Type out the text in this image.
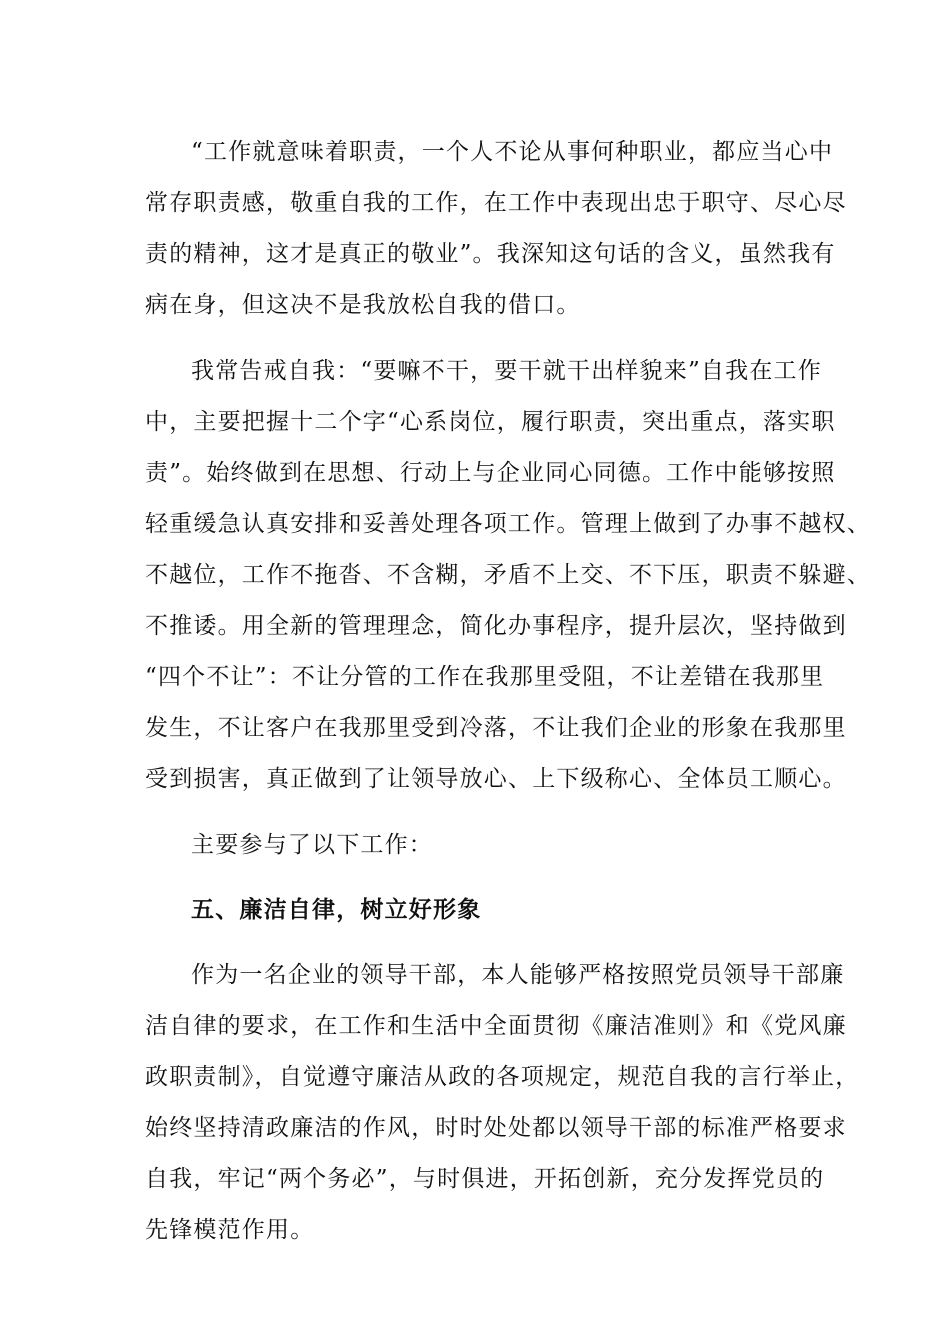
“工作就意味着职责，一个人不论从事何种职业，都应当心中
常存职责感，敬重自我的工作，在工作中表现出忠于职守、尽心尽
责的精神，这才是真正的敬业”。我深知这句话的含义，虽然我有
病在身，但这决不是我放松自我的借口。
我常告戒自我：“要嘛不干，要干就干出样貌来”自我在工作
中，主要把握十二个字“心系岗位，履行职责，突出重点，落实职
责”。始终做到在思想、行动上与企业同心同德。工作中能够按照
轻重缓急认真安排和妥善处理各项工作。管理上做到了办事不越权、
不越位，工作不拖沓、不含糊，矛盾不上交、不下压，职责不躲避、
不推诿。用全新的管理理念，简化办事程序，提升层次，坚持做到
“四个不让”：不让分管的工作在我那里受阻，不让差错在我那里
发生，不让客户在我那里受到冷落，不让我们企业的形象在我那里
受到损害，真正做到了让领导放心、上下级称心、全体员工顺心。
主要参与了以下工作：
五、廉洁自律，树立好形象
作为一名企业的领导干部，本人能够严格按照党员领导干部廉
洁自律的要求，在工作和生活中全面贯彻《廉洁准则》和《党风廉
政职责制》，自觉遵守廉洁从政的各项规定，规范自我的言行举止，
始终坚持清政廉洁的作风，时时处处都以领导干部的标准严格要求
自我，牢记“两个务必”，与时俱进，开拓创新，充分发挥党员的
先锋模范作用。
